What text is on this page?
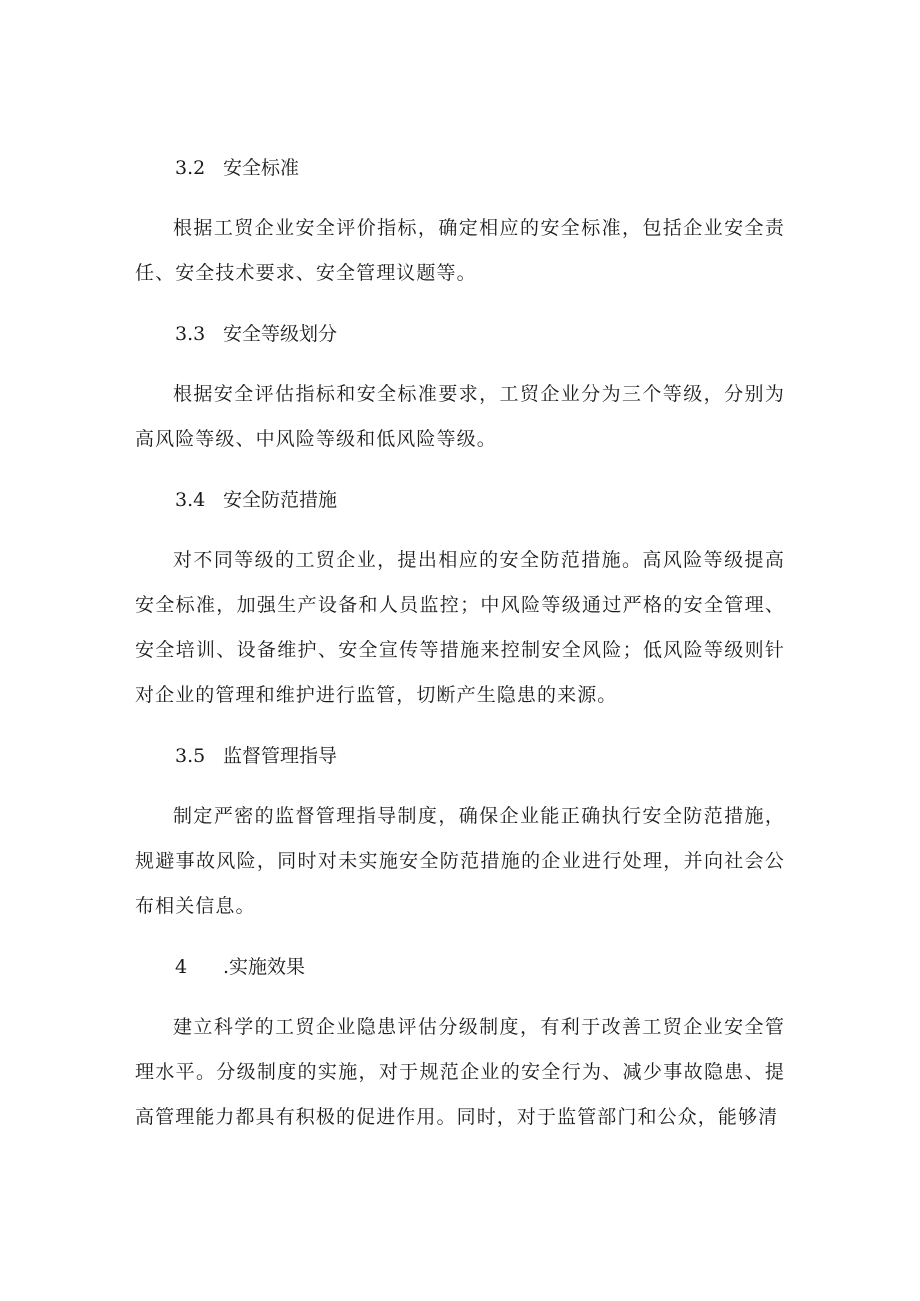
3.2 安全标准

根据工贸企业安全评价指标，确定相应的安全标准，包括企业安全责任、安全技术要求、安全管理议题等。

3.3 安全等级划分

根据安全评估指标和安全标准要求，工贸企业分为三个等级，分别为高风险等级、中风险等级和低风险等级。

3.4 安全防范措施

对不同等级的工贸企业，提出相应的安全防范措施。高风险等级提高安全标准，加强生产设备和人员监控；中风险等级通过严格的安全管理、安全培训、设备维护、安全宣传等措施来控制安全风险；低风险等级则针对企业的管理和维护进行监管，切断产生隐患的来源。

3.5 监督管理指导

制定严密的监督管理指导制度，确保企业能正确执行安全防范措施，规避事故风险，同时对未实施安全防范措施的企业进行处理，并向社会公布相关信息。

4 .实施效果

建立科学的工贸企业隐患评估分级制度，有利于改善工贸企业安全管理水平。分级制度的实施，对于规范企业的安全行为、减少事故隐患、提高管理能力都具有积极的促进作用。同时，对于监管部门和公众，能够清
